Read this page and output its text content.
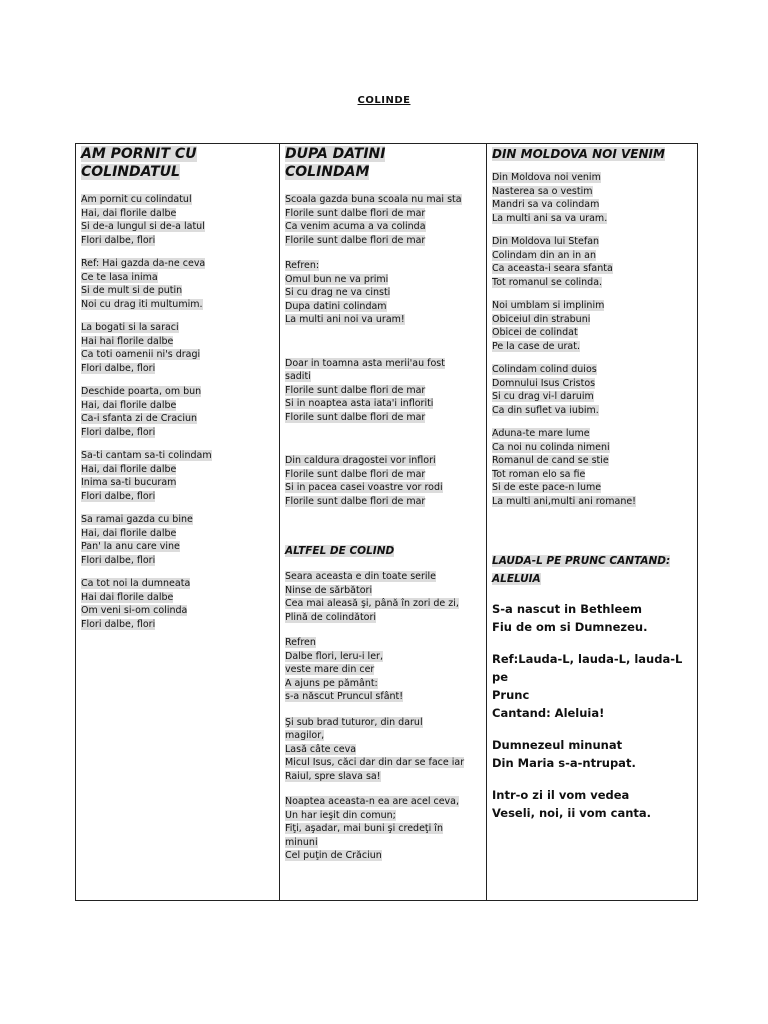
COLINDE
AM PORNIT CU
COLINDATUL
Am pornit cu colindatul
Hai, dai florile dalbe
Si de-a lungul si de-a latul
Flori dalbe, flori
Ref: Hai gazda da-ne ceva
Ce te lasa inima
Si de mult si de putin
Noi cu drag iti multumim.
La bogati si la saraci
Hai hai florile dalbe
Ca toti oamenii ni's dragi
Flori dalbe, flori
Deschide poarta, om bun
Hai, dai florile dalbe
Ca-i sfanta zi de Craciun
Flori dalbe, flori
Sa-ti cantam sa-ti colindam
Hai, dai florile dalbe
Inima sa-ti bucuram
Flori dalbe, flori
Sa ramai gazda cu bine
Hai, dai florile dalbe
Pan' la anu care vine
Flori dalbe, flori
Ca tot noi la dumneata
Hai dai florile dalbe
Om veni si-om colinda
Flori dalbe, flori

DUPA DATINI
COLINDAM
Scoala gazda buna scoala nu mai sta
Florile sunt dalbe flori de mar
Ca venim acuma a va colinda
Florile sunt dalbe flori de mar
Refren:
Omul bun ne va primi
Si cu drag ne va cinsti
Dupa datini colindam
La multi ani noi va uram!
Doar in toamna asta merii'au fost
saditi
Florile sunt dalbe flori de mar
Si in noaptea asta iata'i infloriti
Florile sunt dalbe flori de mar
Din caldura dragostei vor inflori
Florile sunt dalbe flori de mar
Si in pacea casei voastre vor rodi
Florile sunt dalbe flori de mar
ALTFEL DE COLIND
Seara aceasta e din toate serile
Ninse de sărbători
Cea mai aleasă şi, până în zori de zi,
Plină de colindători
Refren
Dalbe flori, leru-i ler,
veste mare din cer
A ajuns pe pământ:
s-a născut Pruncul sfânt!
Şi sub brad tuturor, din darul
magilor,
Lasă câte ceva
Micul Isus, căci dar din dar se face iar
Raiul, spre slava sa!
Noaptea aceasta-n ea are acel ceva,
Un har ieşit din comun;
Fiţi, aşadar, mai buni şi credeţi în
minuni
Cel puţin de Crăciun

DIN MOLDOVA NOI VENIM
Din Moldova noi venim
Nasterea sa o vestim
Mandri sa va colindam
La multi ani sa va uram.
Din Moldova lui Stefan
Colindam din an in an
Ca aceasta-i seara sfanta
Tot romanul se colinda.
Noi umblam si implinim
Obiceiul din strabuni
Obicei de colindat
Pe la case de urat.
Colindam colind duios
Domnului Isus Cristos
Si cu drag vi-l daruim
Ca din suflet va iubim.
Aduna-te mare lume
Ca noi nu colinda nimeni
Romanul de cand se stie
Tot roman elo sa fie
Si de este pace-n lume
La multi ani,multi ani romane!
LAUDA-L PE PRUNC CANTAND:
ALELUIA
S-a nascut in Bethleem
Fiu de om si Dumnezeu.
Ref:Lauda-L, lauda-L, lauda-L pe
Prunc
Cantand: Aleluia!
Dumnezeul minunat
Din Maria s-a-ntrupat.
Intr-o zi il vom vedea
Veseli, noi, ii vom canta.
